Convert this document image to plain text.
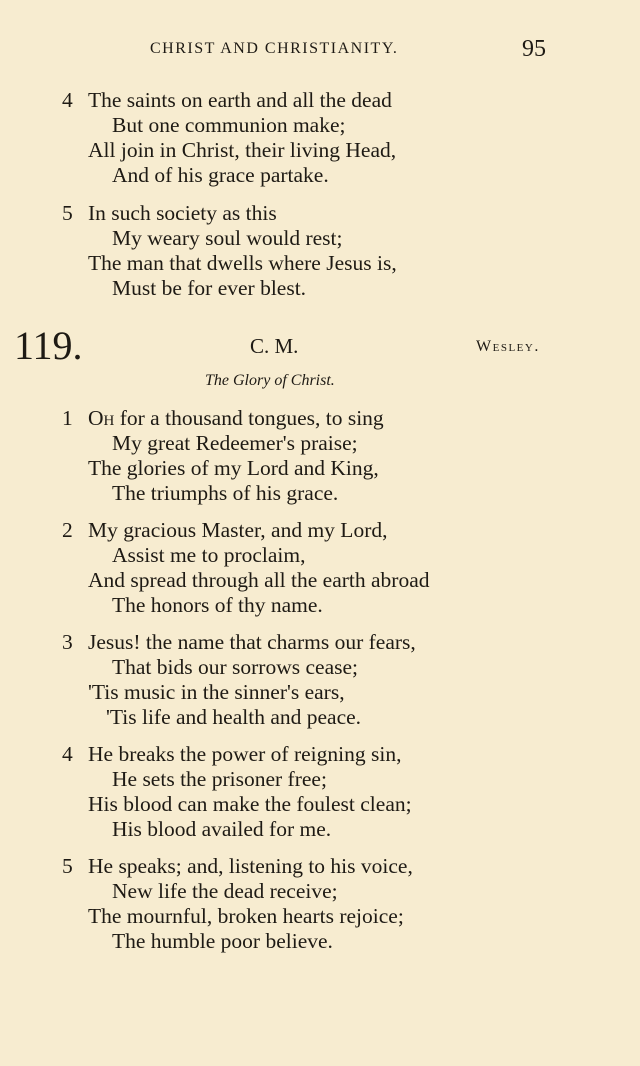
CHRIST AND CHRISTIANITY.	95
4 The saints on earth and all the dead
But one communion make;
All join in Christ, their living Head,
And of his grace partake.
5 In such society as this
My weary soul would rest;
The man that dwells where Jesus is,
Must be for ever blest.
119.	C. M.	Wesley.
The Glory of Christ.
1 Oh for a thousand tongues, to sing
My great Redeemer's praise;
The glories of my Lord and King,
The triumphs of his grace.
2 My gracious Master, and my Lord,
Assist me to proclaim,
And spread through all the earth abroad
The honors of thy name.
3 Jesus! the name that charms our fears,
That bids our sorrows cease;
'Tis music in the sinner's ears,
'Tis life and health and peace.
4 He breaks the power of reigning sin,
He sets the prisoner free;
His blood can make the foulest clean;
His blood availed for me.
5 He speaks; and, listening to his voice,
New life the dead receive;
The mournful, broken hearts rejoice;
The humble poor believe.
